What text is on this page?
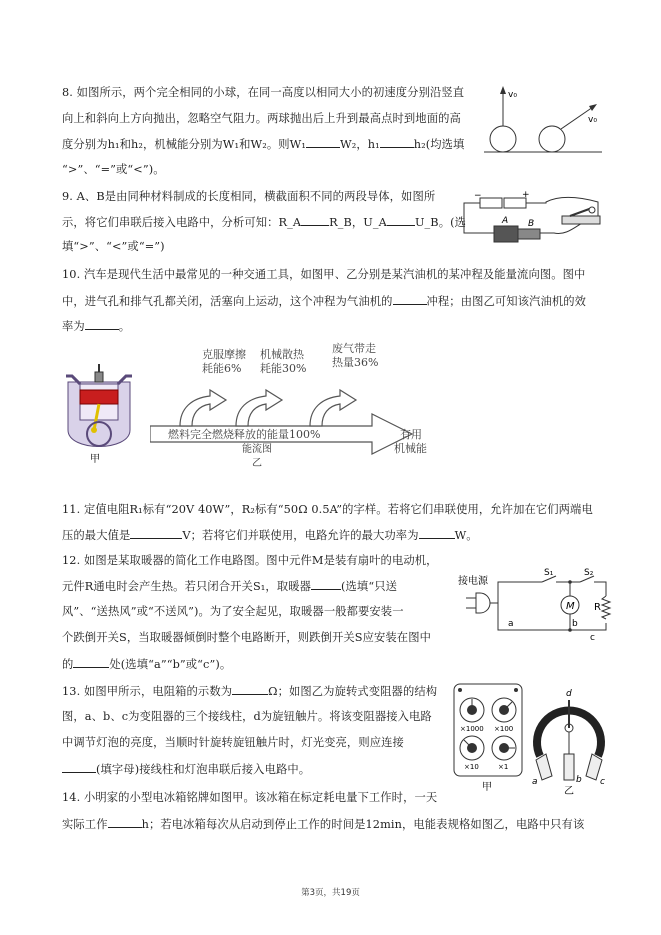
8. 如图所示，两个完全相同的小球，在同一高度以相同大小的初速度分别沿竖直
向上和斜向上方向抛出，忽略空气阻力。两球抛出后上升到最高点时到地面的高
度分别为h₁和h₂，机械能分别为W₁和W₂。则W₁	W₂，h₁	h₂(均选填
“>”、“=”或“<”)。
v₀
v₀
9. A、B是由同种材料制成的长度相同，横截面积不同的两段导体，如图所
示，将它们串联后接入电路中，分析可知：R_A R_B，U_A U_B。(选
填“>”、“<”或“=”)
−	+
A B
10. 汽车是现代生活中最常见的一种交通工具，如图甲、乙分别是某汽油机的某冲程及能量流向图。图中
中，进气孔和排气孔都关闭，活塞向上运动，这个冲程为气油机的	冲程；由图乙可知该汽油机的效
率为	。
甲
克服摩擦
耗能6%
机械散热
耗能30%
废气带走
热量36%
燃料完全燃烧释放的能量100%	有用
机械能
能流图
乙
11. 定值电阻R₁标有“20V 40W”，R₂标有“50Ω 0.5A”的字样。若将它们串联使用，允许加在它们两端电
压的最大值是	V；若将它们并联使用，电路允许的最大功率为	W。
12. 如图是某取暖器的简化工作电路图。图中元件M是装有扇叶的电动机，
元件R通电时会产生热。若只闭合开关S₁，取暖器	(选填“只送
风”、“送热风”或“不送风”)。为了安全起见，取暖器一般都要安装一
个跌倒开关S，当取暖器倾倒时整个电路断开，则跌倒开关S应安装在图中
的	处(选填“a”“b”或“c”)。
接电源
M R
S₁	S₂
a	b
c
13. 如图甲所示，电阻箱的示数为	Ω；如图乙为旋转式变阻器的结构
图，a、b、c为变阻器的三个接线柱，d为旋钮触片。将该变阻器接入电路
中调节灯泡的亮度，当顺时针旋转旋钮触片时，灯光变亮，则应连接
(填字母)接线柱和灯泡串联后接入电路中。
×1000 ×100
×10	×1
甲
d
a	b c
乙
14. 小明家的小型电冰箱铭牌如图甲。该冰箱在标定耗电量下工作时，一天
实际工作	h；若电冰箱每次从启动到停止工作的时间是12min，电能表规格如图乙，电路中只有该
第3页，共19页
